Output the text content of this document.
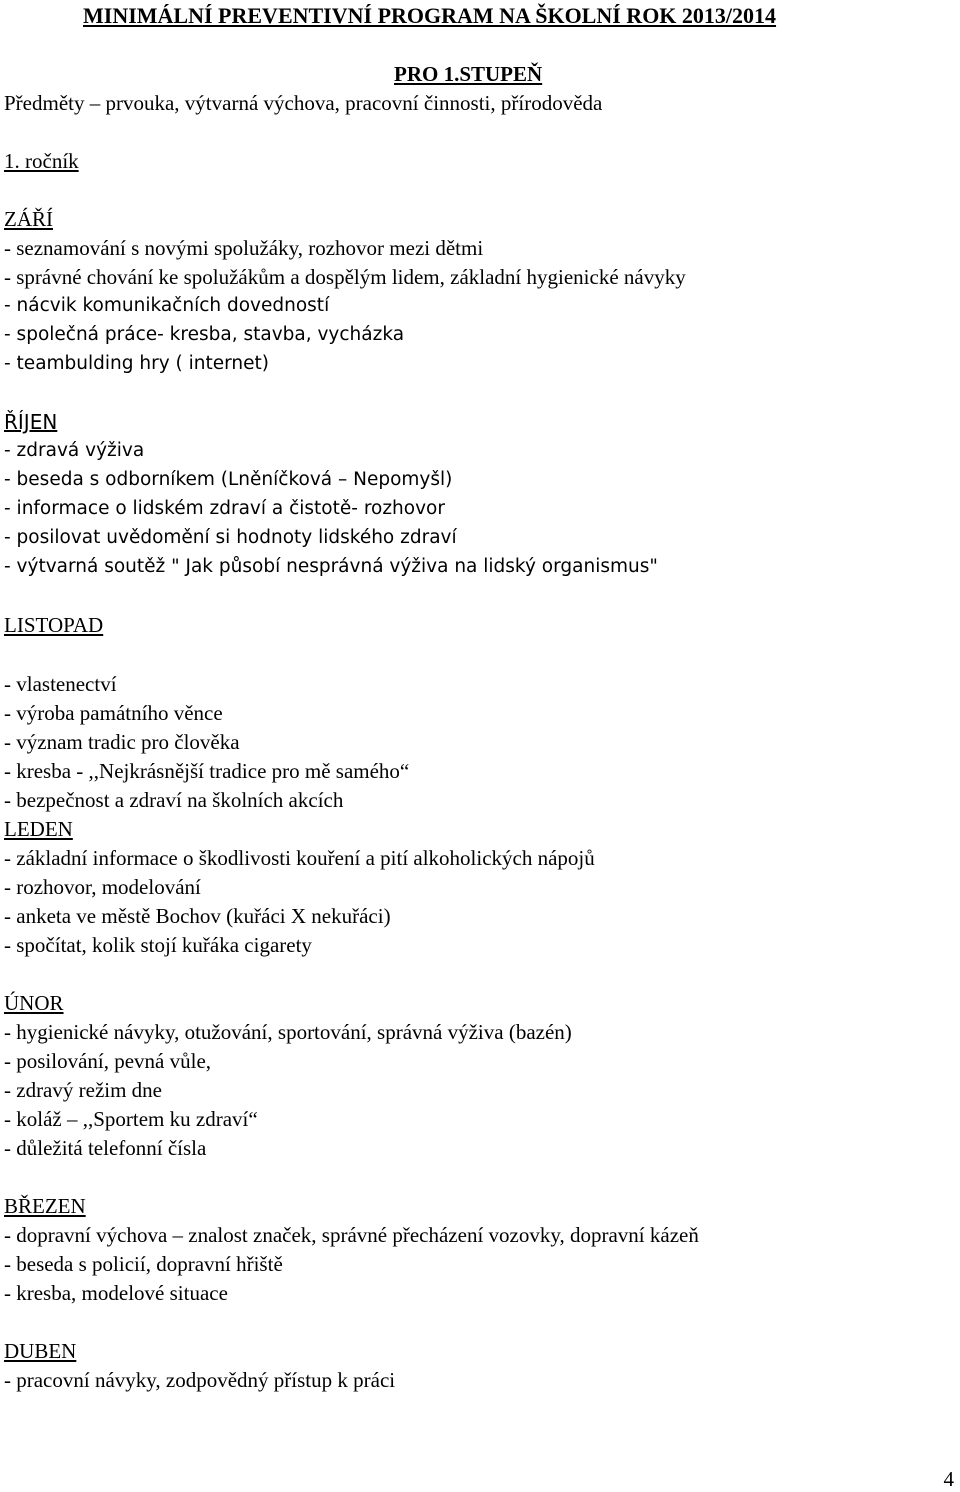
MINIMÁLNÍ PREVENTIVNÍ PROGRAM NA ŠKOLNÍ ROK 2013/2014
PRO 1.STUPEŇ
Předměty – prvouka, výtvarná výchova, pracovní činnosti, přírodověda
1. ročník
ZÁŘÍ
- seznamování s novými spolužáky, rozhovor mezi dětmi
- správné chování ke spolužákům a dospělým lidem, základní hygienické návyky
- nácvik komunikačních dovedností
- společná práce- kresba, stavba, vycházka
- teambulding hry ( internet)
ŘÍJEN
- zdravá výživa
- beseda s odborníkem (Lněníčková – Nepomyšl)
- informace o lidském zdraví a čistotě- rozhovor
- posilovat uvědomění si hodnoty lidského zdraví
- výtvarná soutěž " Jak působí nesprávná výživa na lidský organismus"
LISTOPAD
- vlastenectví
- výroba památního věnce
- význam tradic pro člověka
- kresba - ,,Nejkrásnější tradice pro mě samého“
- bezpečnost a zdraví na školních akcích
LEDEN
- základní informace o škodlivosti kouření a pití alkoholických nápojů
- rozhovor, modelování
- anketa ve městě Bochov (kuřáci X nekuřáci)
- spočítat, kolik stojí kuřáka cigarety
ÚNOR
- hygienické návyky, otužování, sportování, správná výživa (bazén)
- posilování, pevná vůle,
- zdravý režim dne
- koláž – ,,Sportem ku zdraví“
- důležitá telefonní čísla
BŘEZEN
- dopravní výchova – znalost značek, správné přecházení vozovky, dopravní kázeň
- beseda s policií, dopravní hřiště
- kresba, modelové situace
DUBEN
- pracovní návyky, zodpovědný přístup k práci
4
